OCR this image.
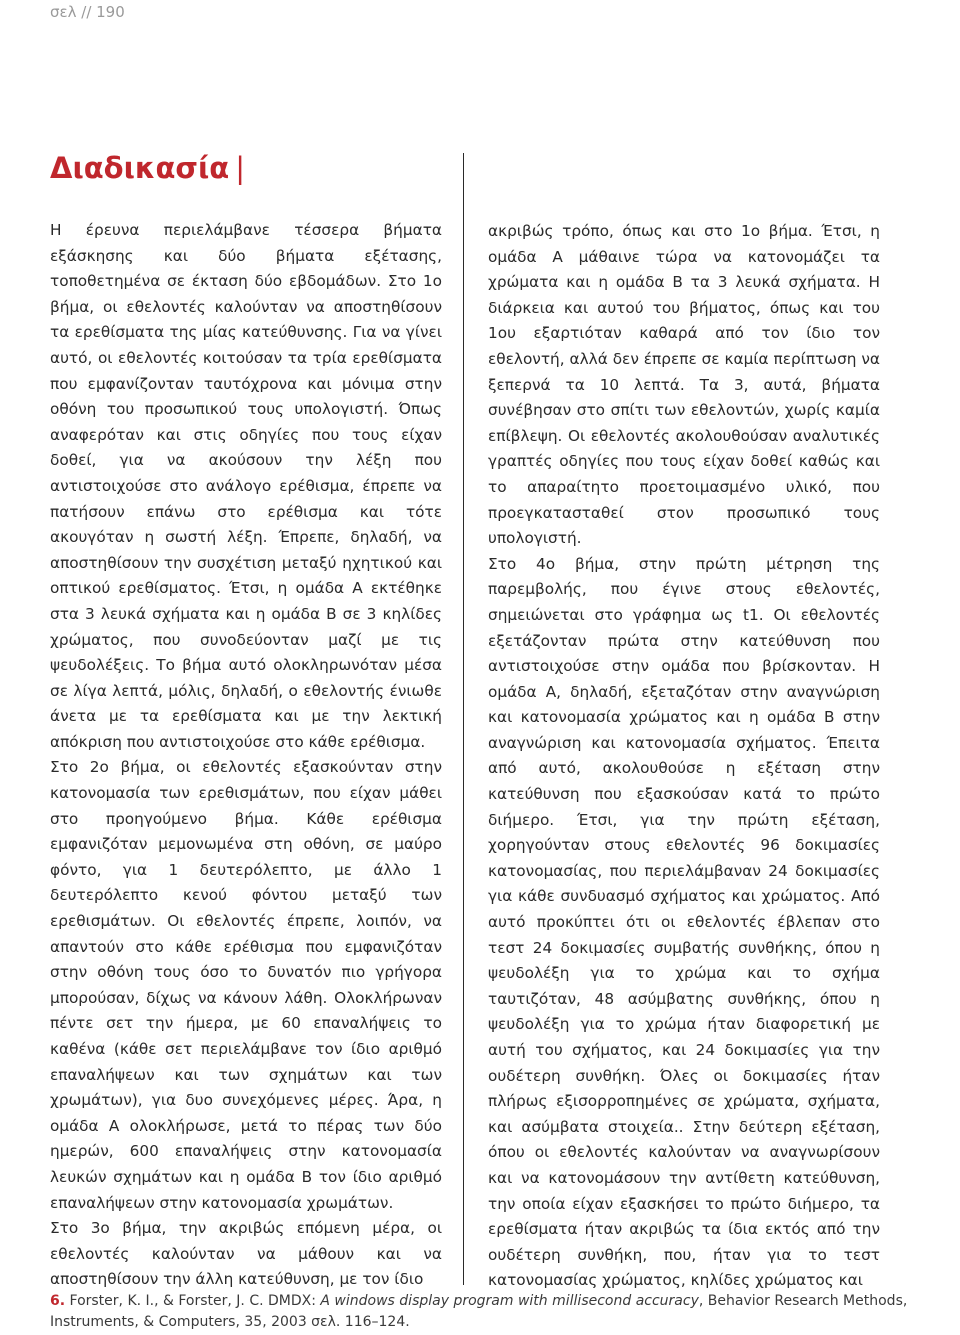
σελ // 190
Διαδικασία |

Η έρευνα περιελάμβανε τέσσερα βήματα εξάσκησης και δύο βήματα εξέτασης, τοποθετημένα σε έκταση δύο εβδομάδων. Στο 1ο βήμα, οι εθελοντές καλούνταν να αποστηθίσουν τα ερεθίσματα της μίας κατεύθυνσης. Για να γίνει αυτό, οι εθελοντές κοιτούσαν τα τρία ερεθίσματα που εμφανίζονταν ταυτόχρονα και μόνιμα στην οθόνη του προσωπικού τους υπολογιστή. Όπως αναφερόταν και στις οδηγίες που τους είχαν δοθεί, για να ακούσουν την λέξη που αντιστοιχούσε στο ανάλογο ερέθισμα, έπρεπε να πατήσουν επάνω στο ερέθισμα και τότε ακουγόταν η σωστή λέξη. Έπρεπε, δηλαδή, να αποστηθίσουν την συσχέτιση μεταξύ ηχητικού και οπτικού ερεθίσματος. Έτσι, η ομάδα Α εκτέθηκε στα 3 λευκά σχήματα και η ομάδα Β σε 3 κηλίδες χρώματος, που συνοδεύονταν μαζί με τις ψευδολέξεις. Το βήμα αυτό ολοκληρωνόταν μέσα σε λίγα λεπτά, μόλις, δηλαδή, ο εθελοντής ένιωθε άνετα με τα ερεθίσματα και με την λεκτική απόκριση που αντιστοιχούσε στο κάθε ερέθισμα.

Στο 2ο βήμα, οι εθελοντές εξασκούνταν στην κατονομασία των ερεθισμάτων, που είχαν μάθει στο προηγούμενο βήμα. Κάθε ερέθισμα εμφανιζόταν μεμονωμένα στη οθόνη, σε μαύρο φόντο, για 1 δευτερόλεπτο, με άλλο 1 δευτερόλεπτο κενού φόντου μεταξύ των ερεθισμάτων. Οι εθελοντές έπρεπε, λοιπόν, να απαντούν στο κάθε ερέθισμα που εμφανιζόταν στην οθόνη τους όσο το δυνατόν πιο γρήγορα μπορούσαν, δίχως να κάνουν λάθη. Ολοκλήρωναν πέντε σετ την ήμερα, με 60 επαναλήψεις το καθένα (κάθε σετ περιελάμβανε τον ίδιο αριθμό επαναλήψεων και των σχημάτων και των χρωμάτων), για δυο συνεχόμενες μέρες. Άρα, η ομάδα Α ολοκλήρωσε, μετά το πέρας των δύο ημερών, 600 επαναλήψεις στην κατονομασία λευκών σχημάτων και η ομάδα Β τον ίδιο αριθμό επαναλήψεων στην κατονομασία χρωμάτων.

Στο 3ο βήμα, την ακριβώς επόμενη μέρα, οι εθελοντές καλούνταν να μάθουν και να αποστηθίσουν την άλλη κατεύθυνση, με τον ίδιο

ακριβώς τρόπο, όπως και στο 1ο βήμα. Έτσι, η ομάδα Α μάθαινε τώρα να κατονομάζει τα χρώματα και η ομάδα Β τα 3 λευκά σχήματα. Η διάρκεια και αυτού του βήματος, όπως και του 1ου εξαρτιόταν καθαρά από τον ίδιο τον εθελοντή, αλλά δεν έπρεπε σε καμία περίπτωση να ξεπερνά τα 10 λεπτά. Τα 3, αυτά, βήματα συνέβησαν στο σπίτι των εθελοντών, χωρίς καμία επίβλεψη. Οι εθελοντές ακολουθούσαν αναλυτικές γραπτές οδηγίες που τους είχαν δοθεί καθώς και το απαραίτητο προετοιμασμένο υλικό, που προεγκατασταθεί στον προσωπικό τους υπολογιστή.

Στο 4ο βήμα, στην πρώτη μέτρηση της παρεμβολής, που έγινε στους εθελοντές, σημειώνεται στο γράφημα ως t1. Οι εθελοντές εξετάζονταν πρώτα στην κατεύθυνση που αντιστοιχούσε στην ομάδα που βρίσκονταν. Η ομάδα Α, δηλαδή, εξεταζόταν στην αναγνώριση και κατονομασία χρώματος και η ομάδα Β στην αναγνώριση και κατονομασία σχήματος. Έπειτα από αυτό, ακολουθούσε η εξέταση στην κατεύθυνση που εξασκούσαν κατά το πρώτο διήμερο. Έτσι, για την πρώτη εξέταση, χορηγούνταν στους εθελοντές 96 δοκιμασίες κατονομασίας, που περιελάμβαναν 24 δοκιμασίες για κάθε συνδυασμό σχήματος και χρώματος. Από αυτό προκύπτει ότι οι εθελοντές έβλεπαν στο τεστ 24 δοκιμασίες συμβατής συνθήκης, όπου η ψευδολέξη για το χρώμα και το σχήμα ταυτιζόταν, 48 ασύμβατης συνθήκης, όπου η ψευδολέξη για το χρώμα ήταν διαφορετική με αυτή του σχήματος, και 24 δοκιμασίες για την ουδέτερη συνθήκη. Όλες οι δοκιμασίες ήταν πλήρως εξισορροπημένες σε χρώματα, σχήματα, και ασύμβατα στοιχεία.. Στην δεύτερη εξέταση, όπου οι εθελοντές καλούνταν να αναγνωρίσουν και να κατονομάσουν την αντίθετη κατεύθυνση, την οποία είχαν εξασκήσει το πρώτο διήμερο, τα ερεθίσματα ήταν ακριβώς τα ίδια εκτός από την ουδέτερη συνθήκη, που, ήταν για το τεστ κατονομασίας χρώματος, κηλίδες χρώματος και

6. Forster, K. I., & Forster, J. C. DMDX: A windows display program with millisecond accuracy, Behavior Research Methods, Instruments, & Computers, 35, 2003 σελ. 116–124.
